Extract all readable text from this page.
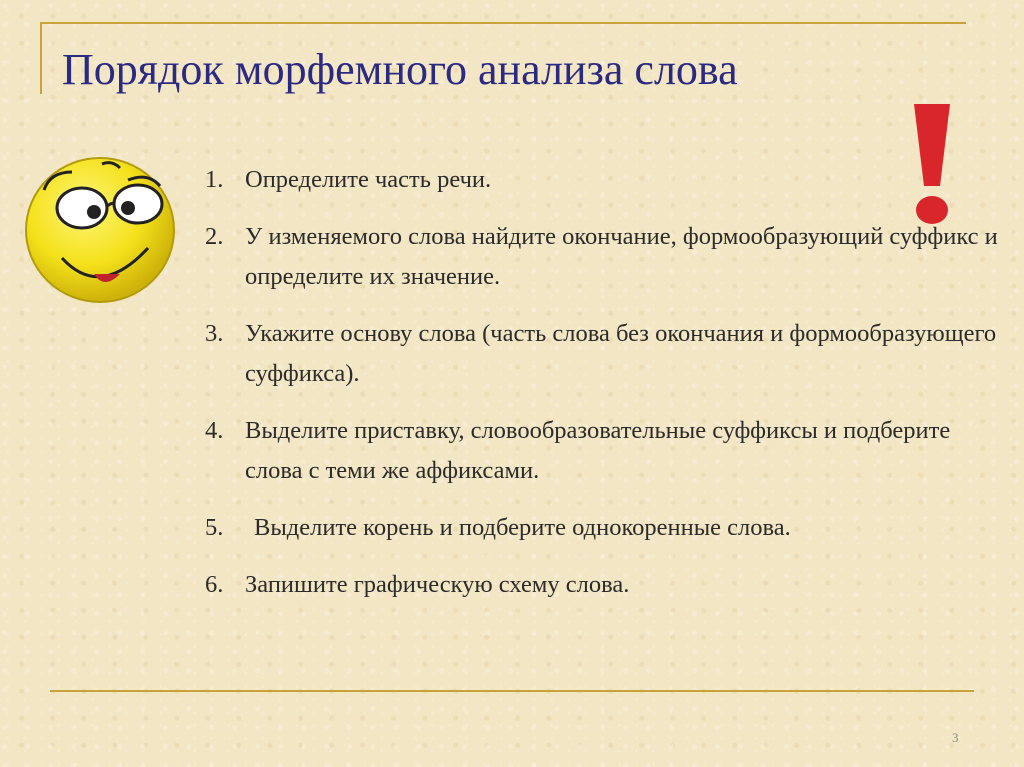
Порядок морфемного анализа слова
1. Определите часть речи.
2. У изменяемого слова найдите окончание, формообразующий суффикс и определите их значение.
3. Укажите основу слова (часть слова без окончания и формообразующего суффикса).
4. Выделите приставку, словообразовательные суффиксы и подберите слова с теми же аффиксами.
5.	Выделите корень и подберите однокоренные слова.
6. Запишите графическую схему слова.
3
